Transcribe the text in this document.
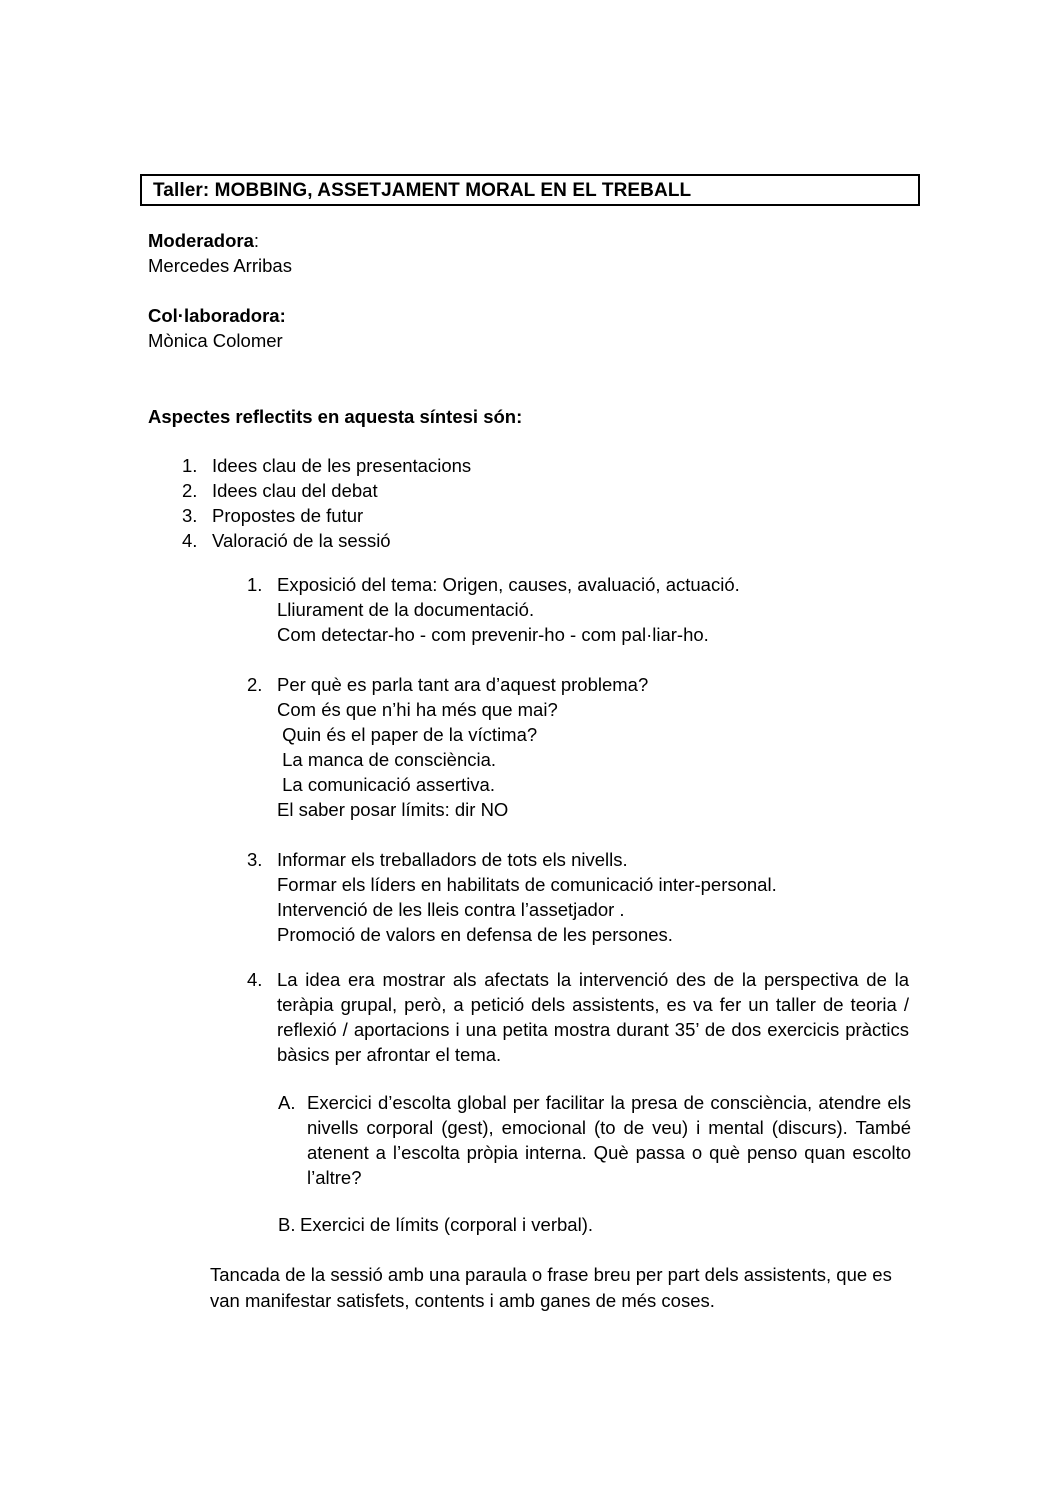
Taller: MOBBING, ASSETJAMENT MORAL EN EL TREBALL
Moderadora:
Mercedes Arribas
Col·laboradora:
Mònica Colomer
Aspectes reflectits en aquesta síntesi són:
1. Idees clau de les presentacions
2. Idees clau del debat
3. Propostes de futur
4. Valoració de la sessió
1. Exposició del tema: Origen, causes, avaluació, actuació.

Lliurament de la documentació.

Com detectar-ho - com prevenir-ho - com pal·liar-ho.

2. Per què es parla tant ara d’aquest problema?

Com és que n’hi ha més que mai?

Quin és el paper de la víctima?

La manca de consciència.

La comunicació assertiva.

El saber posar límits: dir NO

3. Informar els treballadors de tots els nivells.

Formar els líders en habilitats de comunicació inter-personal.

Intervenció de les lleis contra l’assetjador .

Promoció de valors en defensa de les persones.

4. La idea era mostrar als afectats la intervenció des de la perspectiva de la teràpia grupal, però, a petició dels assistents, es va fer un taller de teoria / reflexió / aportacions i una petita mostra durant 35’ de dos exercicis pràctics bàsics per afrontar el tema.
A. Exercici d’escolta global per facilitar la presa de consciència, atendre els nivells corporal (gest), emocional (to de veu) i mental (discurs). També atenent a l’escolta pròpia interna. Què passa o què penso quan escolto l’altre?
B. Exercici de límits (corporal i verbal).
Tancada de la sessió amb una paraula o frase breu per part dels assistents, que es van manifestar satisfets, contents i amb ganes de més coses.
